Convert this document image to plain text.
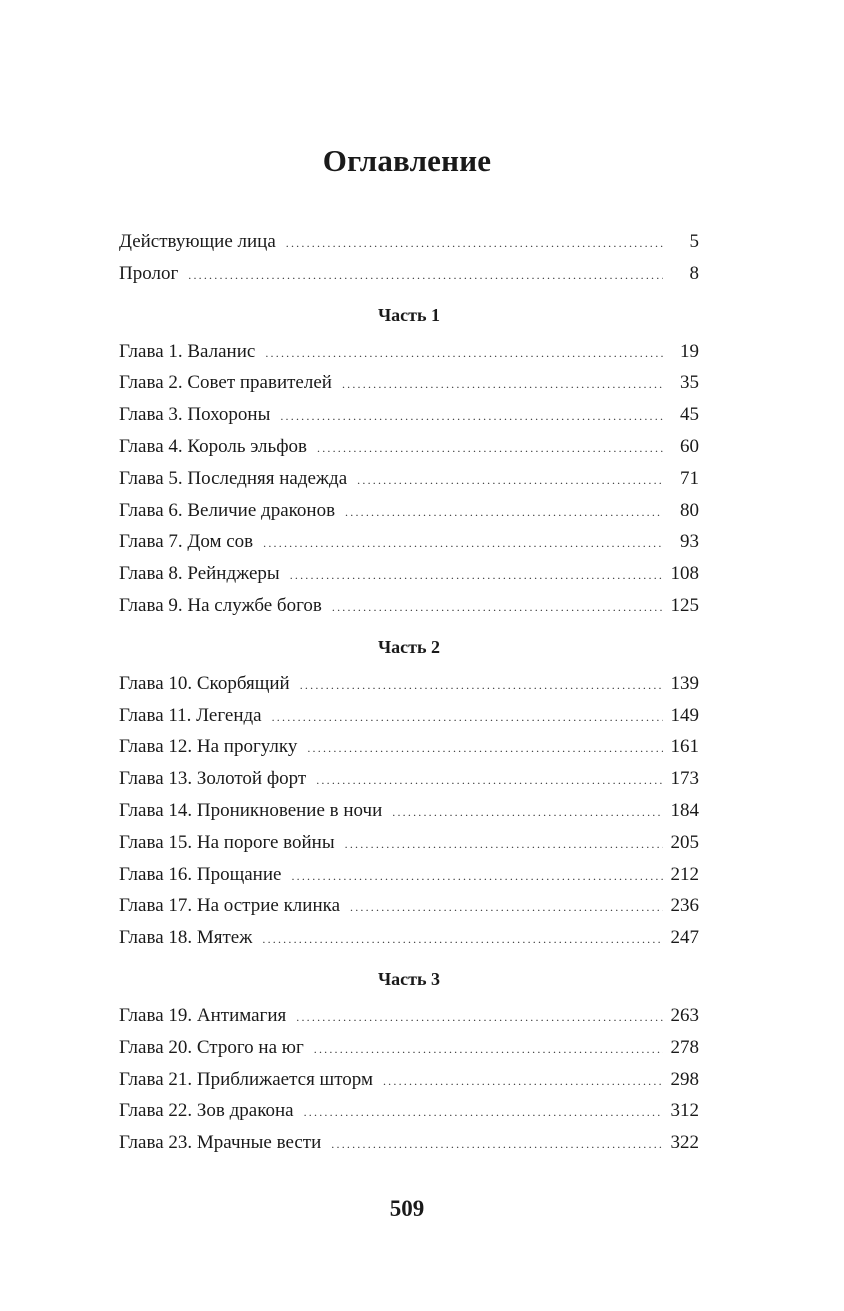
Оглавление
Действующие лица .....	5
Пролог .....	8
Часть 1
Глава 1. Валанис .....	19
Глава 2. Совет правителей .....	35
Глава 3. Похороны .....	45
Глава 4. Король эльфов .....	60
Глава 5. Последняя надежда .....	71
Глава 6. Величие драконов .....	80
Глава 7. Дом сов .....	93
Глава 8. Рейнджеры .....	108
Глава 9. На службе богов .....	125
Часть 2
Глава 10. Скорбящий .....	139
Глава 11. Легенда .....	149
Глава 12. На прогулку .....	161
Глава 13. Золотой форт .....	173
Глава 14. Проникновение в ночи .....	184
Глава 15. На пороге войны .....	205
Глава 16. Прощание .....	212
Глава 17. На острие клинка .....	236
Глава 18. Мятеж .....	247
Часть 3
Глава 19. Антимагия .....	263
Глава 20. Строго на юг .....	278
Глава 21. Приближается шторм .....	298
Глава 22. Зов дракона .....	312
Глава 23. Мрачные вести .....	322
509
